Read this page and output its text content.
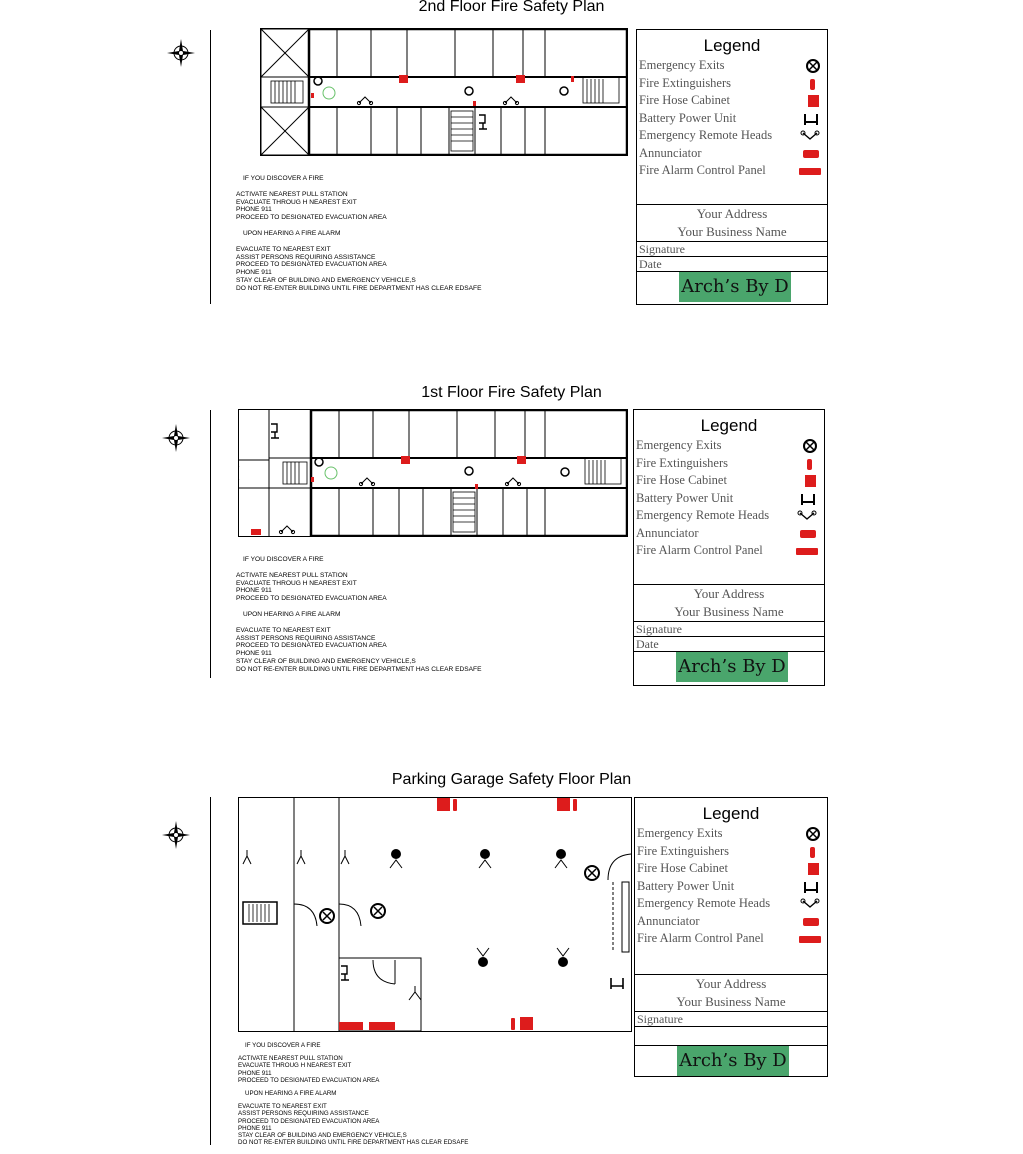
2nd Floor Fire Safety Plan
IF YOU DISCOVER A FIRE
ACTIVATE NEAREST PULL STATION
EVACUATE THROUG H NEAREST EXIT
PHONE 911
PROCEED TO DESIGNATED EVACUATION AREA
UPON HEARING A FIRE ALARM
EVACUATE TO NEAREST EXIT
ASSIST PERSONS REQUIRING ASSISTANCE
PROCEED TO DESIGNATED EVACUATION AREA
PHONE 911
STAY CLEAR OF BUILDING AND EMERGENCY VEHICLE,S
DO NOT RE-ENTER BUILDING UNTIL FIRE DEPARTMENT HAS CLEAR EDSAFE
Legend
Emergency Exits
Fire Extinguishers
Fire Hose Cabinet
Battery Power Unit
Emergency Remote Heads
Annunciator
Fire Alarm Control Panel
Your Address
Your Business Name
Signature
Date
Arch’s By D
1st Floor Fire Safety Plan
IF YOU DISCOVER A FIRE
ACTIVATE NEAREST PULL STATION
EVACUATE THROUG H NEAREST EXIT
PHONE 911
PROCEED TO DESIGNATED EVACUATION AREA
UPON HEARING A FIRE ALARM
EVACUATE TO NEAREST EXIT
ASSIST PERSONS REQUIRING ASSISTANCE
PROCEED TO DESIGNATED EVACUATION AREA
PHONE 911
STAY CLEAR OF BUILDING AND EMERGENCY VEHICLE,S
DO NOT RE-ENTER BUILDING UNTIL FIRE DEPARTMENT HAS CLEAR EDSAFE
Legend
Emergency Exits
Fire Extinguishers
Fire Hose Cabinet
Battery Power Unit
Emergency Remote Heads
Annunciator
Fire Alarm Control Panel
Your Address
Your Business Name
Signature
Date
Arch’s By D
Parking Garage Safety Floor Plan
IF YOU DISCOVER A FIRE
ACTIVATE NEAREST PULL STATION
EVACUATE THROUG H NEAREST EXIT
PHONE 911
PROCEED TO DESIGNATED EVACUATION AREA
UPON HEARING A FIRE ALARM
EVACUATE TO NEAREST EXIT
ASSIST PERSONS REQUIRING ASSISTANCE
PROCEED TO DESIGNATED EVACUATION AREA
PHONE 911
STAY CLEAR OF BUILDING AND EMERGENCY VEHICLE,S
DO NOT RE-ENTER BUILDING UNTIL FIRE DEPARTMENT HAS CLEAR EDSAFE
Legend
Emergency Exits
Fire Extinguishers
Fire Hose Cabinet
Battery Power Unit
Emergency Remote Heads
Annunciator
Fire Alarm Control Panel
Your Address
Your Business Name
Signature
Arch’s By D
